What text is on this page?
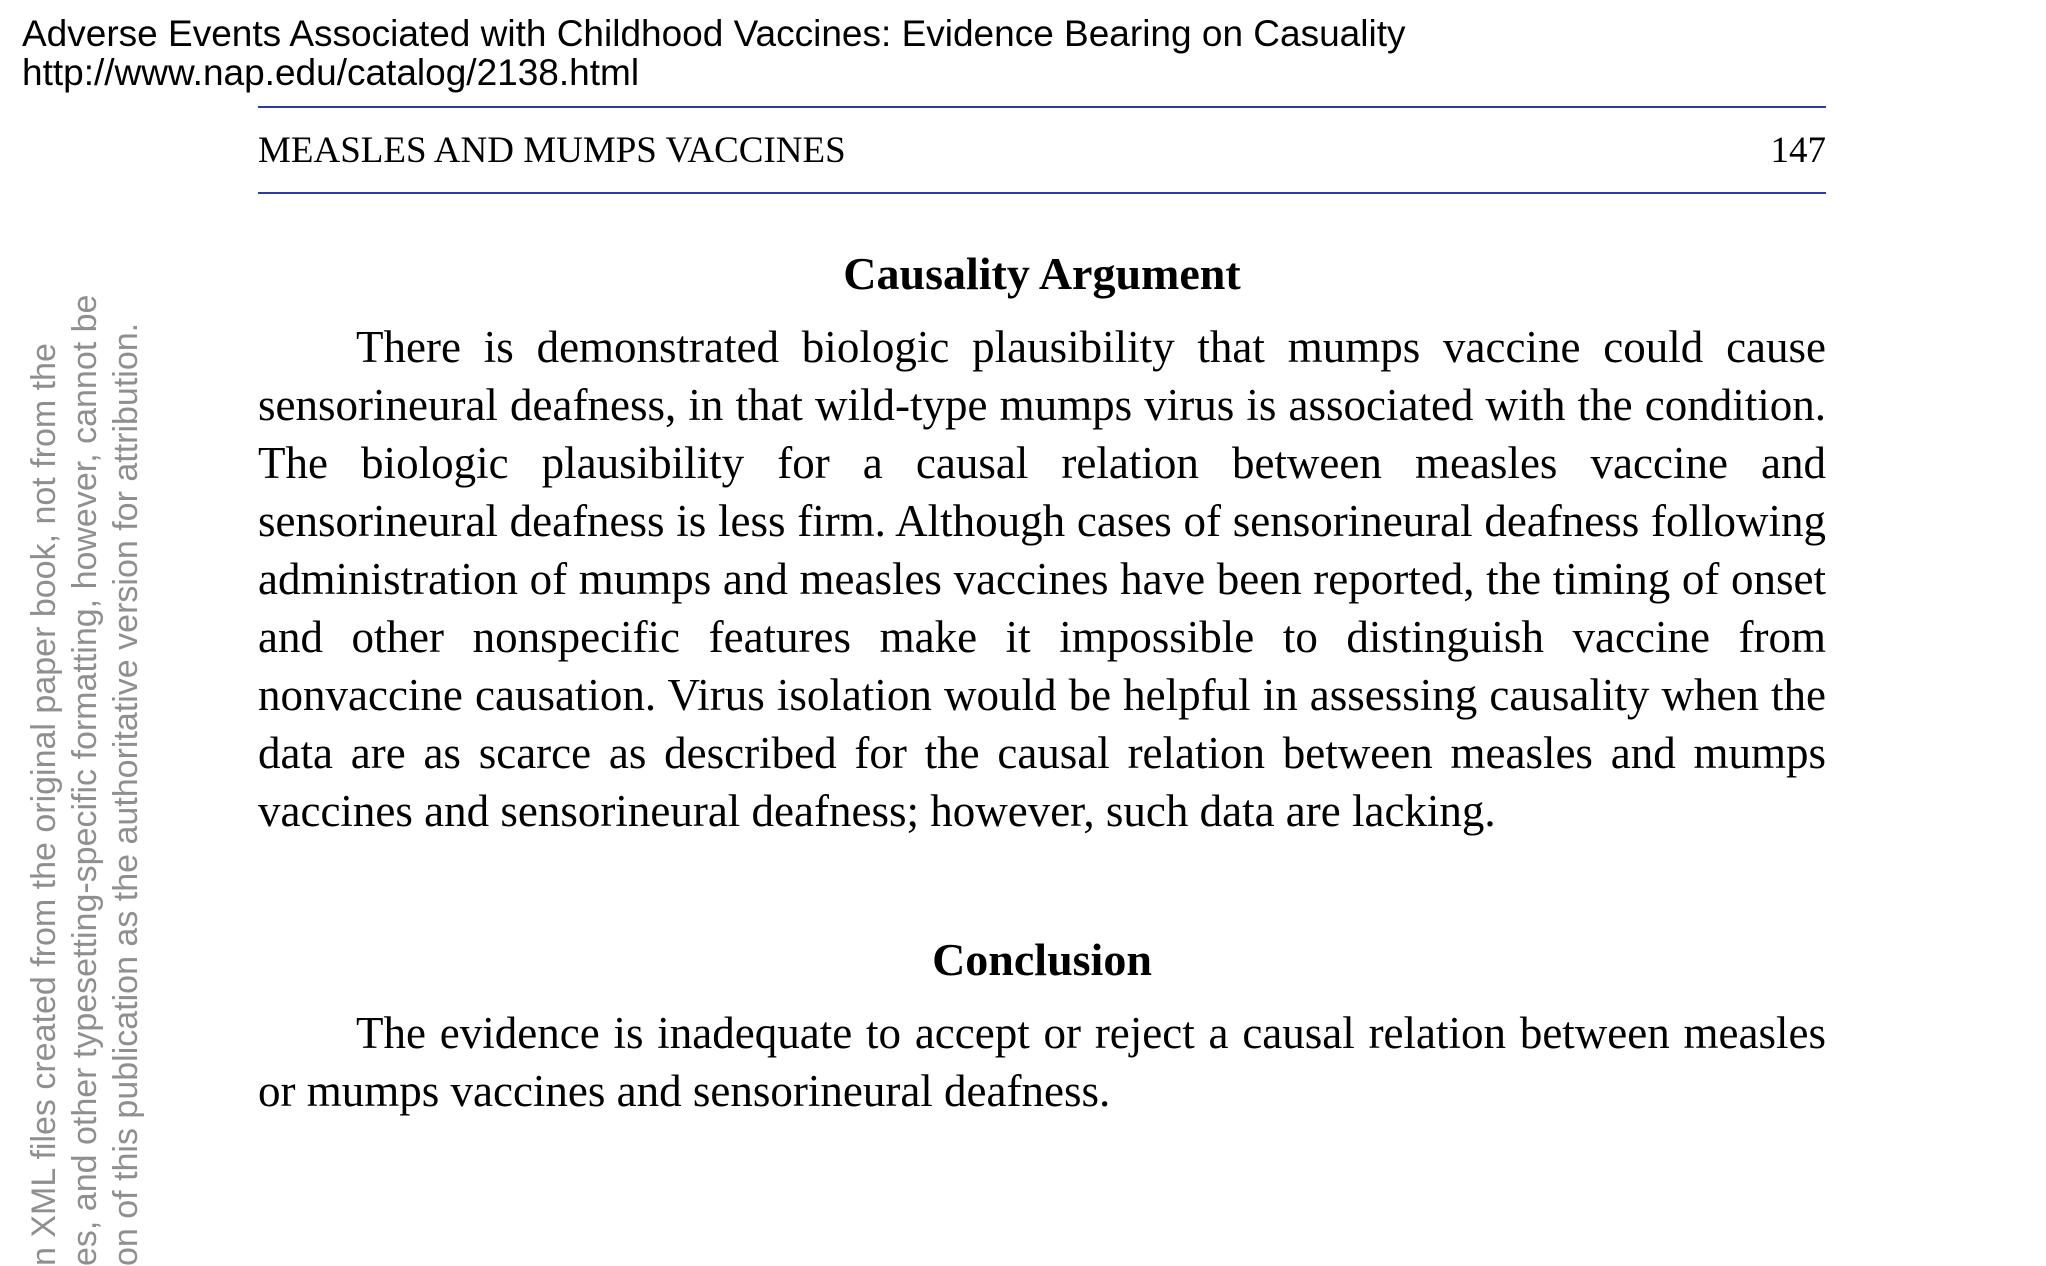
Adverse Events Associated with Childhood Vaccines: Evidence Bearing on Casuality
http://www.nap.edu/catalog/2138.html
n XML files created from the original paper book, not from the es, and other typesetting-specific formatting, however, cannot be on of this publication as the authoritative version for attribution.
MEASLES AND MUMPS VACCINES	147
Causality Argument

There is demonstrated biologic plausibility that mumps vaccine could cause sensorineural deafness, in that wild-type mumps virus is associated with the condition. The biologic plausibility for a causal relation between measles vaccine and sensorineural deafness is less firm. Although cases of sensorineural deafness following administration of mumps and measles vaccines have been reported, the timing of onset and other nonspecific features make it impossible to distinguish vaccine from nonvaccine causation. Virus isolation would be helpful in assessing causality when the data are as scarce as described for the causal relation between measles and mumps vaccines and sensorineural deafness; however, such data are lacking.

Conclusion

The evidence is inadequate to accept or reject a causal relation between measles or mumps vaccines and sensorineural deafness.
